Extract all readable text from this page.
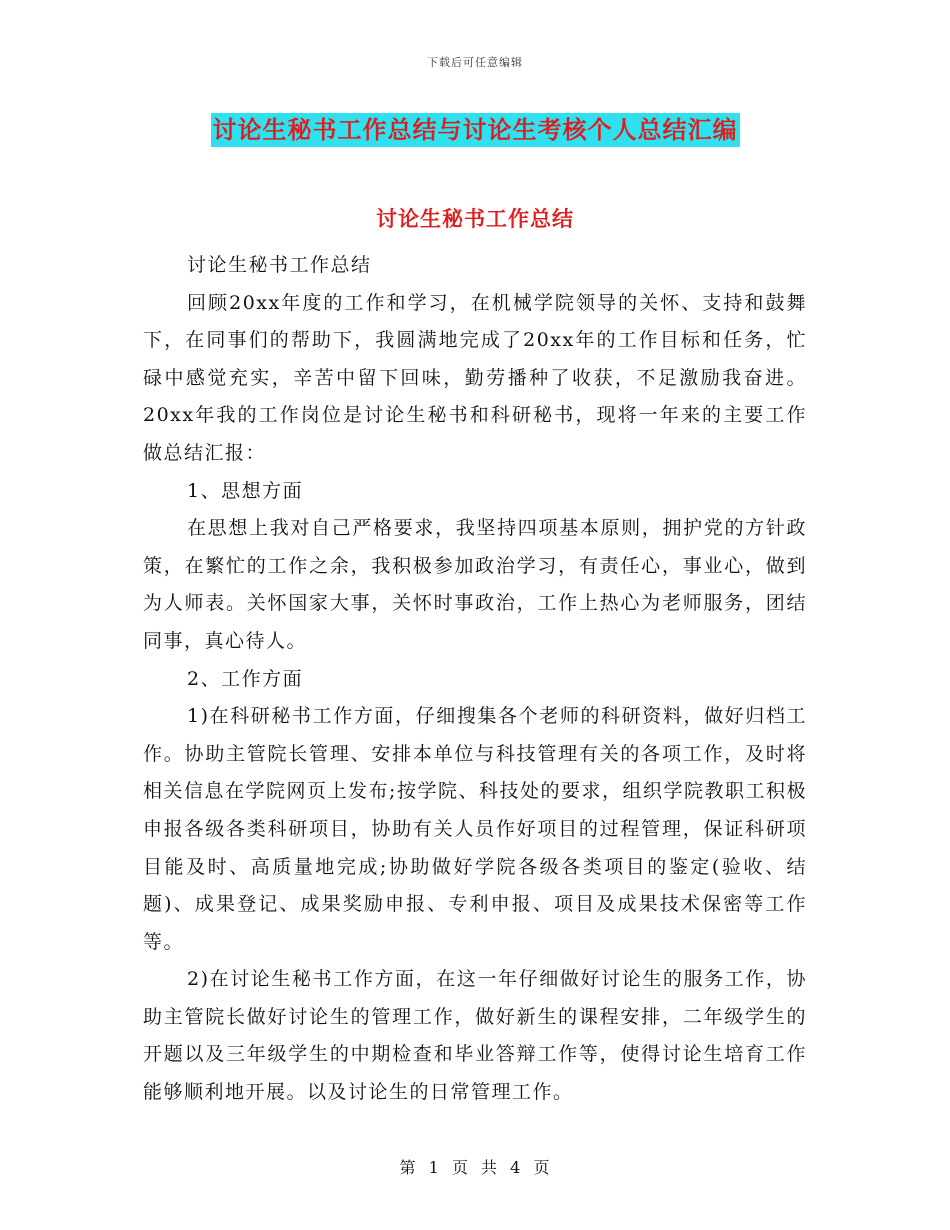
下载后可任意编辑
讨论生秘书工作总结与讨论生考核个人总结汇编
讨论生秘书工作总结

讨论生秘书工作总结

回顾20xx年度的工作和学习，在机械学院领导的关怀、支持和鼓舞下，在同事们的帮助下，我圆满地完成了20xx年的工作目标和任务，忙碌中感觉充实，辛苦中留下回味，勤劳播种了收获，不足激励我奋进。20xx年我的工作岗位是讨论生秘书和科研秘书，现将一年来的主要工作做总结汇报：

1、思想方面

在思想上我对自己严格要求，我坚持四项基本原则，拥护党的方针政策，在繁忙的工作之余，我积极参加政治学习，有责任心，事业心，做到为人师表。关怀国家大事，关怀时事政治，工作上热心为老师服务，团结同事，真心待人。

2、工作方面

1)在科研秘书工作方面，仔细搜集各个老师的科研资料，做好归档工作。协助主管院长管理、安排本单位与科技管理有关的各项工作，及时将相关信息在学院网页上发布;按学院、科技处的要求，组织学院教职工积极申报各级各类科研项目，协助有关人员作好项目的过程管理，保证科研项目能及时、高质量地完成;协助做好学院各级各类项目的鉴定(验收、结题)、成果登记、成果奖励申报、专利申报、项目及成果技术保密等工作等。

2)在讨论生秘书工作方面，在这一年仔细做好讨论生的服务工作，协助主管院长做好讨论生的管理工作，做好新生的课程安排，二年级学生的开题以及三年级学生的中期检查和毕业答辩工作等，使得讨论生培育工作能够顺利地开展。以及讨论生的日常管理工作。

第 1 页 共 4 页
